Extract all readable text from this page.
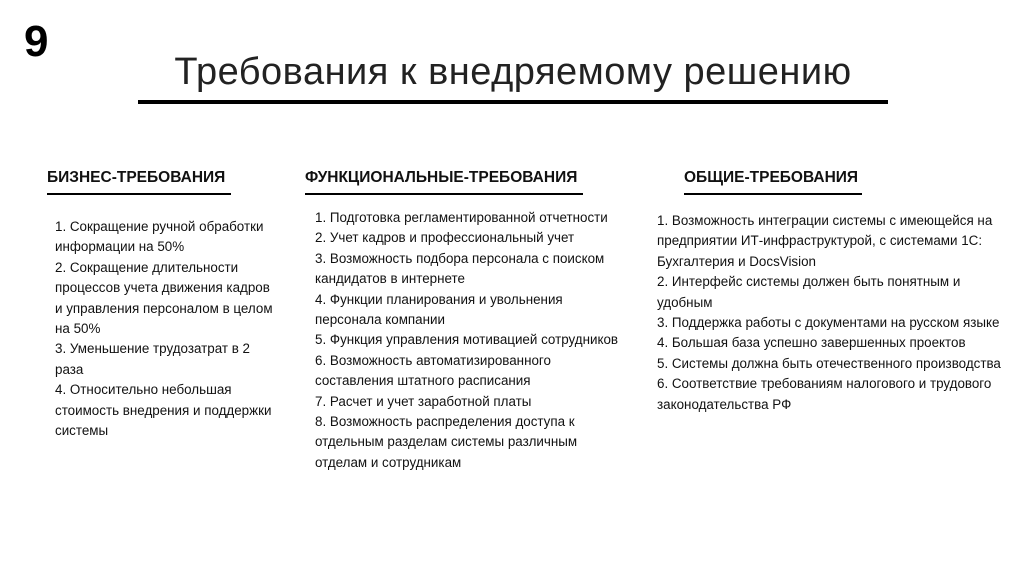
9
Требования к внедряемому решению
БИЗНЕС-ТРЕБОВАНИЯ
1. Сокращение ручной обработки информации на 50%
2. Сокращение длительности процессов учета движения кадров и управления персоналом в целом на 50%
3. Уменьшение трудозатрат в 2 раза
4. Относительно небольшая стоимость внедрения и поддержки системы
ФУНКЦИОНАЛЬНЫЕ-ТРЕБОВАНИЯ
1. Подготовка регламентированной отчетности
2. Учет кадров и профессиональный учет
3. Возможность подбора персонала с поиском кандидатов в интернете
4. Функции планирования и увольнения персонала компании
5. Функция управления мотивацией сотрудников
6. Возможность автоматизированного составления штатного расписания
7. Расчет и учет заработной платы
8. Возможность распределения доступа к отдельным разделам системы различным отделам и сотрудникам
ОБЩИЕ-ТРЕБОВАНИЯ
1. Возможность интеграции системы с имеющейся на предприятии ИТ-инфраструктурой, с системами 1С: Бухгалтерия и DocsVision
2. Интерфейс системы должен быть понятным и удобным
3. Поддержка работы с документами на русском языке
4. Большая база успешно завершенных проектов
5. Системы должна быть отечественного производства
6. Соответствие требованиям налогового и трудового законодательства РФ
